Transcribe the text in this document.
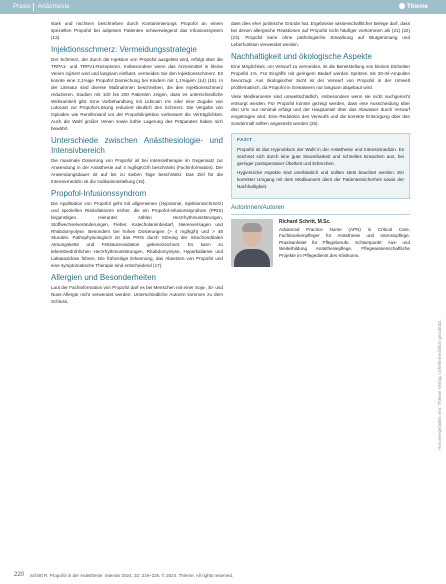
Praxis Anästhesie	Thieme

stark und nüchtern beschrieben durch Kontaminierungs Propofol an einem speziellen Propofol bei adipösen Patienten schwerwiegend das Infusionssystem (13).

Injektionsschmerz: Vermeidungsstrategie

Der Schmerz, der durch die Injektion von Propofol ausgelöst wird, erfolgt über die TRPA1- und TRPV1-Rezeptoren. Insbesondere wenn das Arzneimittel in kleine Venen injiziert wird und langsam einflutet, vermeiden Sie den Injektionsschmerz. Es konnte eine 2,1%ige Propofol Darreichung bei Kindern mit 1,1%igem (14) (15). In der Literatur sind diverse Maßnahmen beschrieben, die den Injektionsschmerz reduzieren. Studien mit 100 bis 200 Patienten zeigen, dass es unterschiedliche Wirksamkeit gibt. Eine Vorbehandlung mit Lidocain 1% oder eine Zugabe von Lidocain zur Propofol-Lösung reduziert deutlich den Schmerz. Die Vergabe von Opioiden wie Remifentanil vor der Propofolinjektion verbessert die Verträglichkeit. Auch die Wahl großer Venen sowie kühle Lagerung des Präparates haben sich bewährt.

Unterschiede zwischen Anästhesiologie- und Intensivbereich

Die maximale Dosierung von Propofol ist bei Intensivtherapie im Gegensatz zur Anwendung in der Anästhesie auf 4 mg/kgKG/h beschränkt (Fachinformation). Der Anwendungsdauer ist auf bis zu sieben Tage beschränkt. Das Ziel für die Intensivmedizin ist die Indikationsstellung (16).

Propofol-Infusionssyndrom

Die Applikation von Propofol geht mit allgemeinen (Hypotonie, Injektionsschmerz) und speziellen Risikofaktoren einher, die ein Propofol-Infusionssyndrom (PRIS) begünstigen. Hierunter zählen Herzrhythmusstörungen, Stoffwechselveränderungen, Fieber, Katecholaminbedarf, Nierenversagen und Rhabdomyolyse. Besonders bei hohen Dosierungen (> 4 mg/kg/h) und > 48 Stunden. Pathophysiologisch ist das PRIS durch Störung der mitochondrialen Atmungskette und Fettsäureoxidation gekennzeichnet. Es kann zu lebensbedrohlichen Herzrhythmusstörungen, Rhabdomyolyse, Hyperkaliämie und Laktatazidose führen. Die frühzeitige Erkennung, das Absetzen von Propofol und eine symptomatische Therapie sind entscheidend (17).

Allergien und Besonderheiten

Laut der Fachinformation von Propofol darf es bei Menschen mit einer Soja-, Ei- und Nuss-Allergie nicht verwendet werden. Unterschiedliche Autoren kommen zu dem Schluss,

dass dies eher juristische Gründe hat. Ergebnisse wissenschaftlicher Belege darf, dass bei denen allergische Reaktionen auf Propofol nicht häufiger vorkommen als (21) (22) (23). Propofol kann ohne pathologische Einwirkung auf Blutgerinnung und Leberfunktion verwendet werden.

Nachhaltigkeit und ökologische Aspekte

Eine Möglichkeit, um Verwurf zu vermeiden, ist die Bereitstellung von kleinen Einheiten Propofol 1%. Für Eingriffe mit geringem Bedarf werden Spritzen mit 20-ml-Ampullen bevorzugt. Aus ökologischer Sicht ist der Verwurf von Propofol in der Umwelt problematisch, da Propofol in Gewässern nur langsam abgebaut wird.

Viele Medikamente sind umweltschädlich, insbesondere wenn sie nicht sachgerecht entsorgt werden. Für Propofol konnte gezeigt werden, dass eine Ausscheidung über den Urin nur minimal erfolgt und der Hauptanteil über das Abwasser durch Verwurf eingetragen wird. Eine Reduktion des Verwurfs und die korrekte Entsorgung über den Sondermüll sollten angestrebt werden (25).

FAZIT

Propofol ist das Hypnotikum der Wahl in der Anästhesie und Intensivmedizin. Es zeichnet sich durch eine gute Steuerbarkeit und schnelles Erwachen aus, bei geringer postoperativer Übelkeit und Erbrechen.

Hygienische Aspekte sind unerlässlich und sollten stets beachtet werden. Ein korrekter Umgang mit dem Medikament dient der Patientensicherheit sowie der Nachhaltigkeit.

Autorinnen/Autoren
Richard Schritt, M.Sc.
Advanced Practice Nurse (APN) in Critical Care, Fachkrankenpfleger für Anästhesie und Intensivpflege, Praxisanleiter für Pflegeberufe. Schwerpunkt: Aus- und Weiterbildung Anästhesiepflege, Pflegewissenschaftliche Projekte im Pflegedienst des Klinikums.
Heruntergeladen von: Thieme Verlag. Urheberrechtlich geschützt.
220 Schritt R. Propofol in der Anästhesie. Intensiv 2024; 32: 219–226. © 2024. Thieme. All rights reserved.
